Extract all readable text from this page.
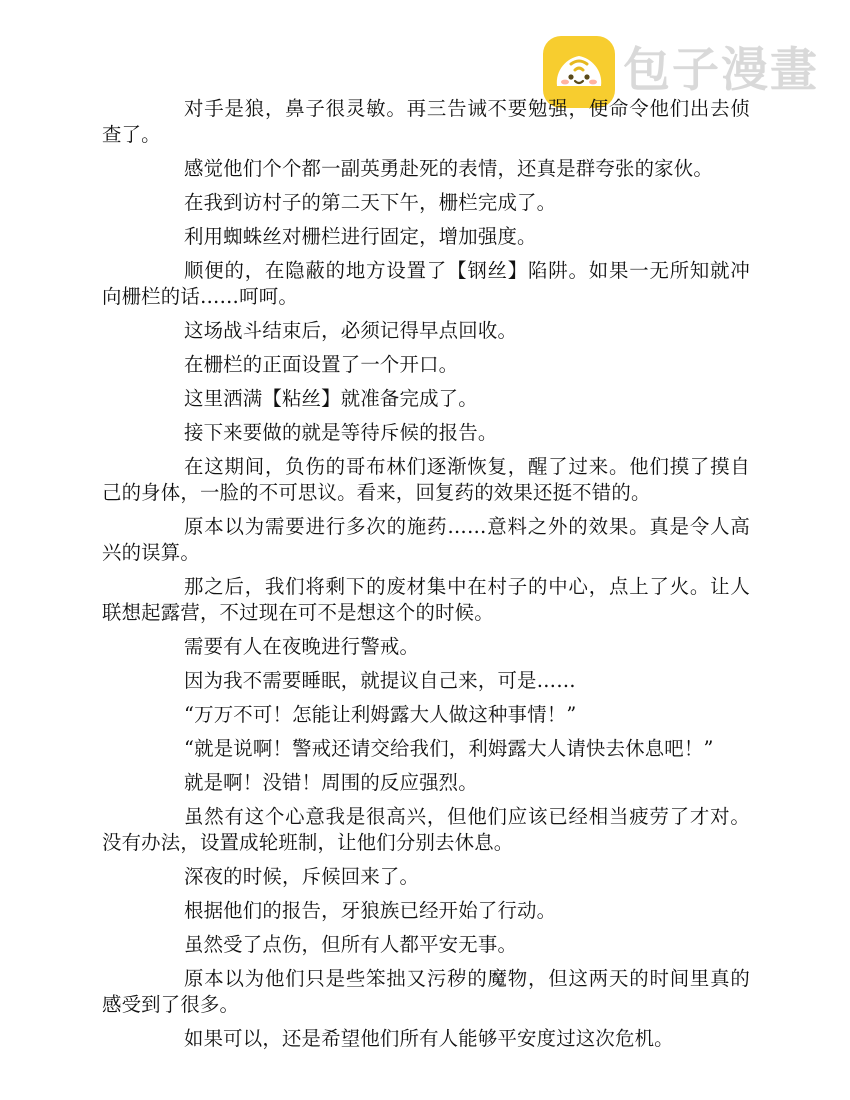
包子漫畫

对手是狼，鼻子很灵敏。再三告诫不要勉强，便命令他们出去侦查了。

感觉他们个个都一副英勇赴死的表情，还真是群夸张的家伙。

在我到访村子的第二天下午，栅栏完成了。

利用蜘蛛丝对栅栏进行固定，增加强度。

顺便的，在隐蔽的地方设置了【钢丝】陷阱。如果一无所知就冲向栅栏的话……呵呵。

这场战斗结束后，必须记得早点回收。

在栅栏的正面设置了一个开口。

这里洒满【粘丝】就准备完成了。

接下来要做的就是等待斥候的报告。

在这期间，负伤的哥布林们逐渐恢复，醒了过来。他们摸了摸自己的身体，一脸的不可思议。看来，回复药的效果还挺不错的。

原本以为需要进行多次的施药……意料之外的效果。真是令人高兴的误算。

那之后，我们将剩下的废材集中在村子的中心，点上了火。让人联想起露营，不过现在可不是想这个的时候。

需要有人在夜晚进行警戒。

因为我不需要睡眠，就提议自己来，可是……

“万万不可！怎能让利姆露大人做这种事情！”

“就是说啊！警戒还请交给我们，利姆露大人请快去休息吧！”

就是啊！没错！周围的反应强烈。

虽然有这个心意我是很高兴，但他们应该已经相当疲劳了才对。没有办法，设置成轮班制，让他们分别去休息。

深夜的时候，斥候回来了。

根据他们的报告，牙狼族已经开始了行动。

虽然受了点伤，但所有人都平安无事。

原本以为他们只是些笨拙又污秽的魔物，但这两天的时间里真的感受到了很多。

如果可以，还是希望他们所有人能够平安度过这次危机。
